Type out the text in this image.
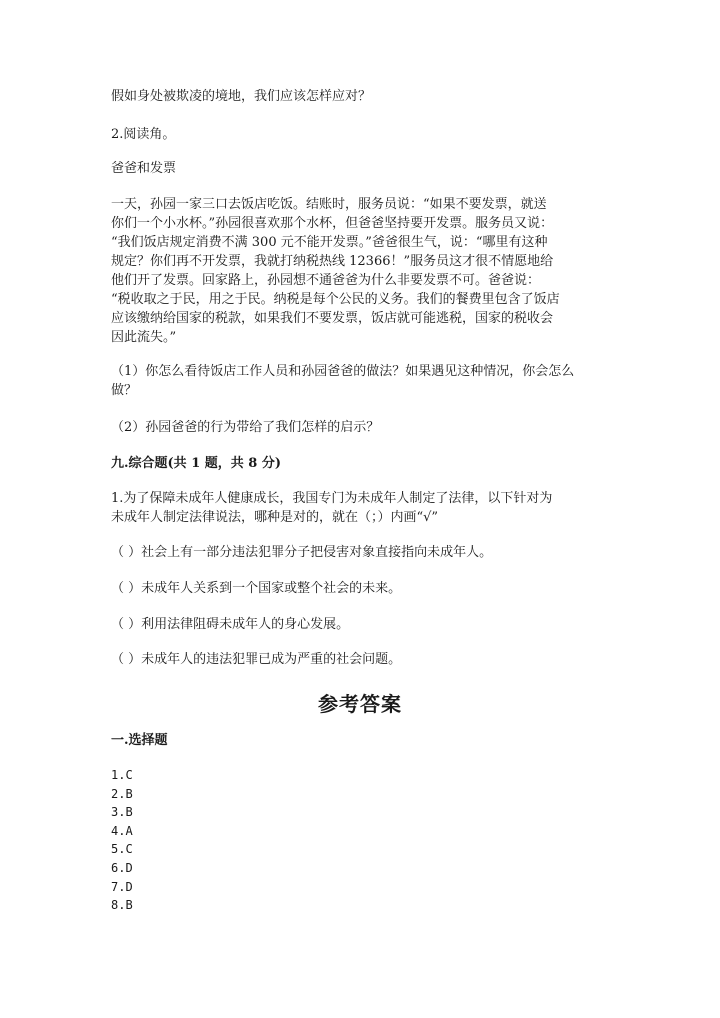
假如身处被欺凌的境地，我们应该怎样应对？

2.阅读角。

爸爸和发票

一天，孙园一家三口去饭店吃饭。结账时，服务员说：“如果不要发票，就送
你们一个小水杯。”孙园很喜欢那个水杯，但爸爸坚持要开发票。服务员又说：
“我们饭店规定消费不满 300 元不能开发票。”爸爸很生气，说：“哪里有这种
规定？你们再不开发票，我就打纳税热线 12366！”服务员这才很不情愿地给
他们开了发票。回家路上，孙园想不通爸爸为什么非要发票不可。爸爸说：
“税收取之于民，用之于民。纳税是每个公民的义务。我们的餐费里包含了饭店
应该缴纳给国家的税款，如果我们不要发票，饭店就可能逃税，国家的税收会
因此流失。”
（1）你怎么看待饭店工作人员和孙园爸爸的做法？如果遇见这种情况，你会怎么
做？

（2）孙园爸爸的行为带给了我们怎样的启示？

九.综合题(共 1 题，共 8 分)

1.为了保障未成年人健康成长，我国专门为未成年人制定了法律，以下针对为
未成年人制定法律说法，哪种是对的，就在（；）内画“√”

（ ）社会上有一部分违法犯罪分子把侵害对象直接指向未成年人。

（ ）未成年人关系到一个国家或整个社会的未来。

（ ）利用法律阻碍未成年人的身心发展。

（ ）未成年人的违法犯罪已成为严重的社会问题。

参考答案

一.选择题

1.C
2.B
3.B
4.A
5.C
6.D
7.D
8.B
